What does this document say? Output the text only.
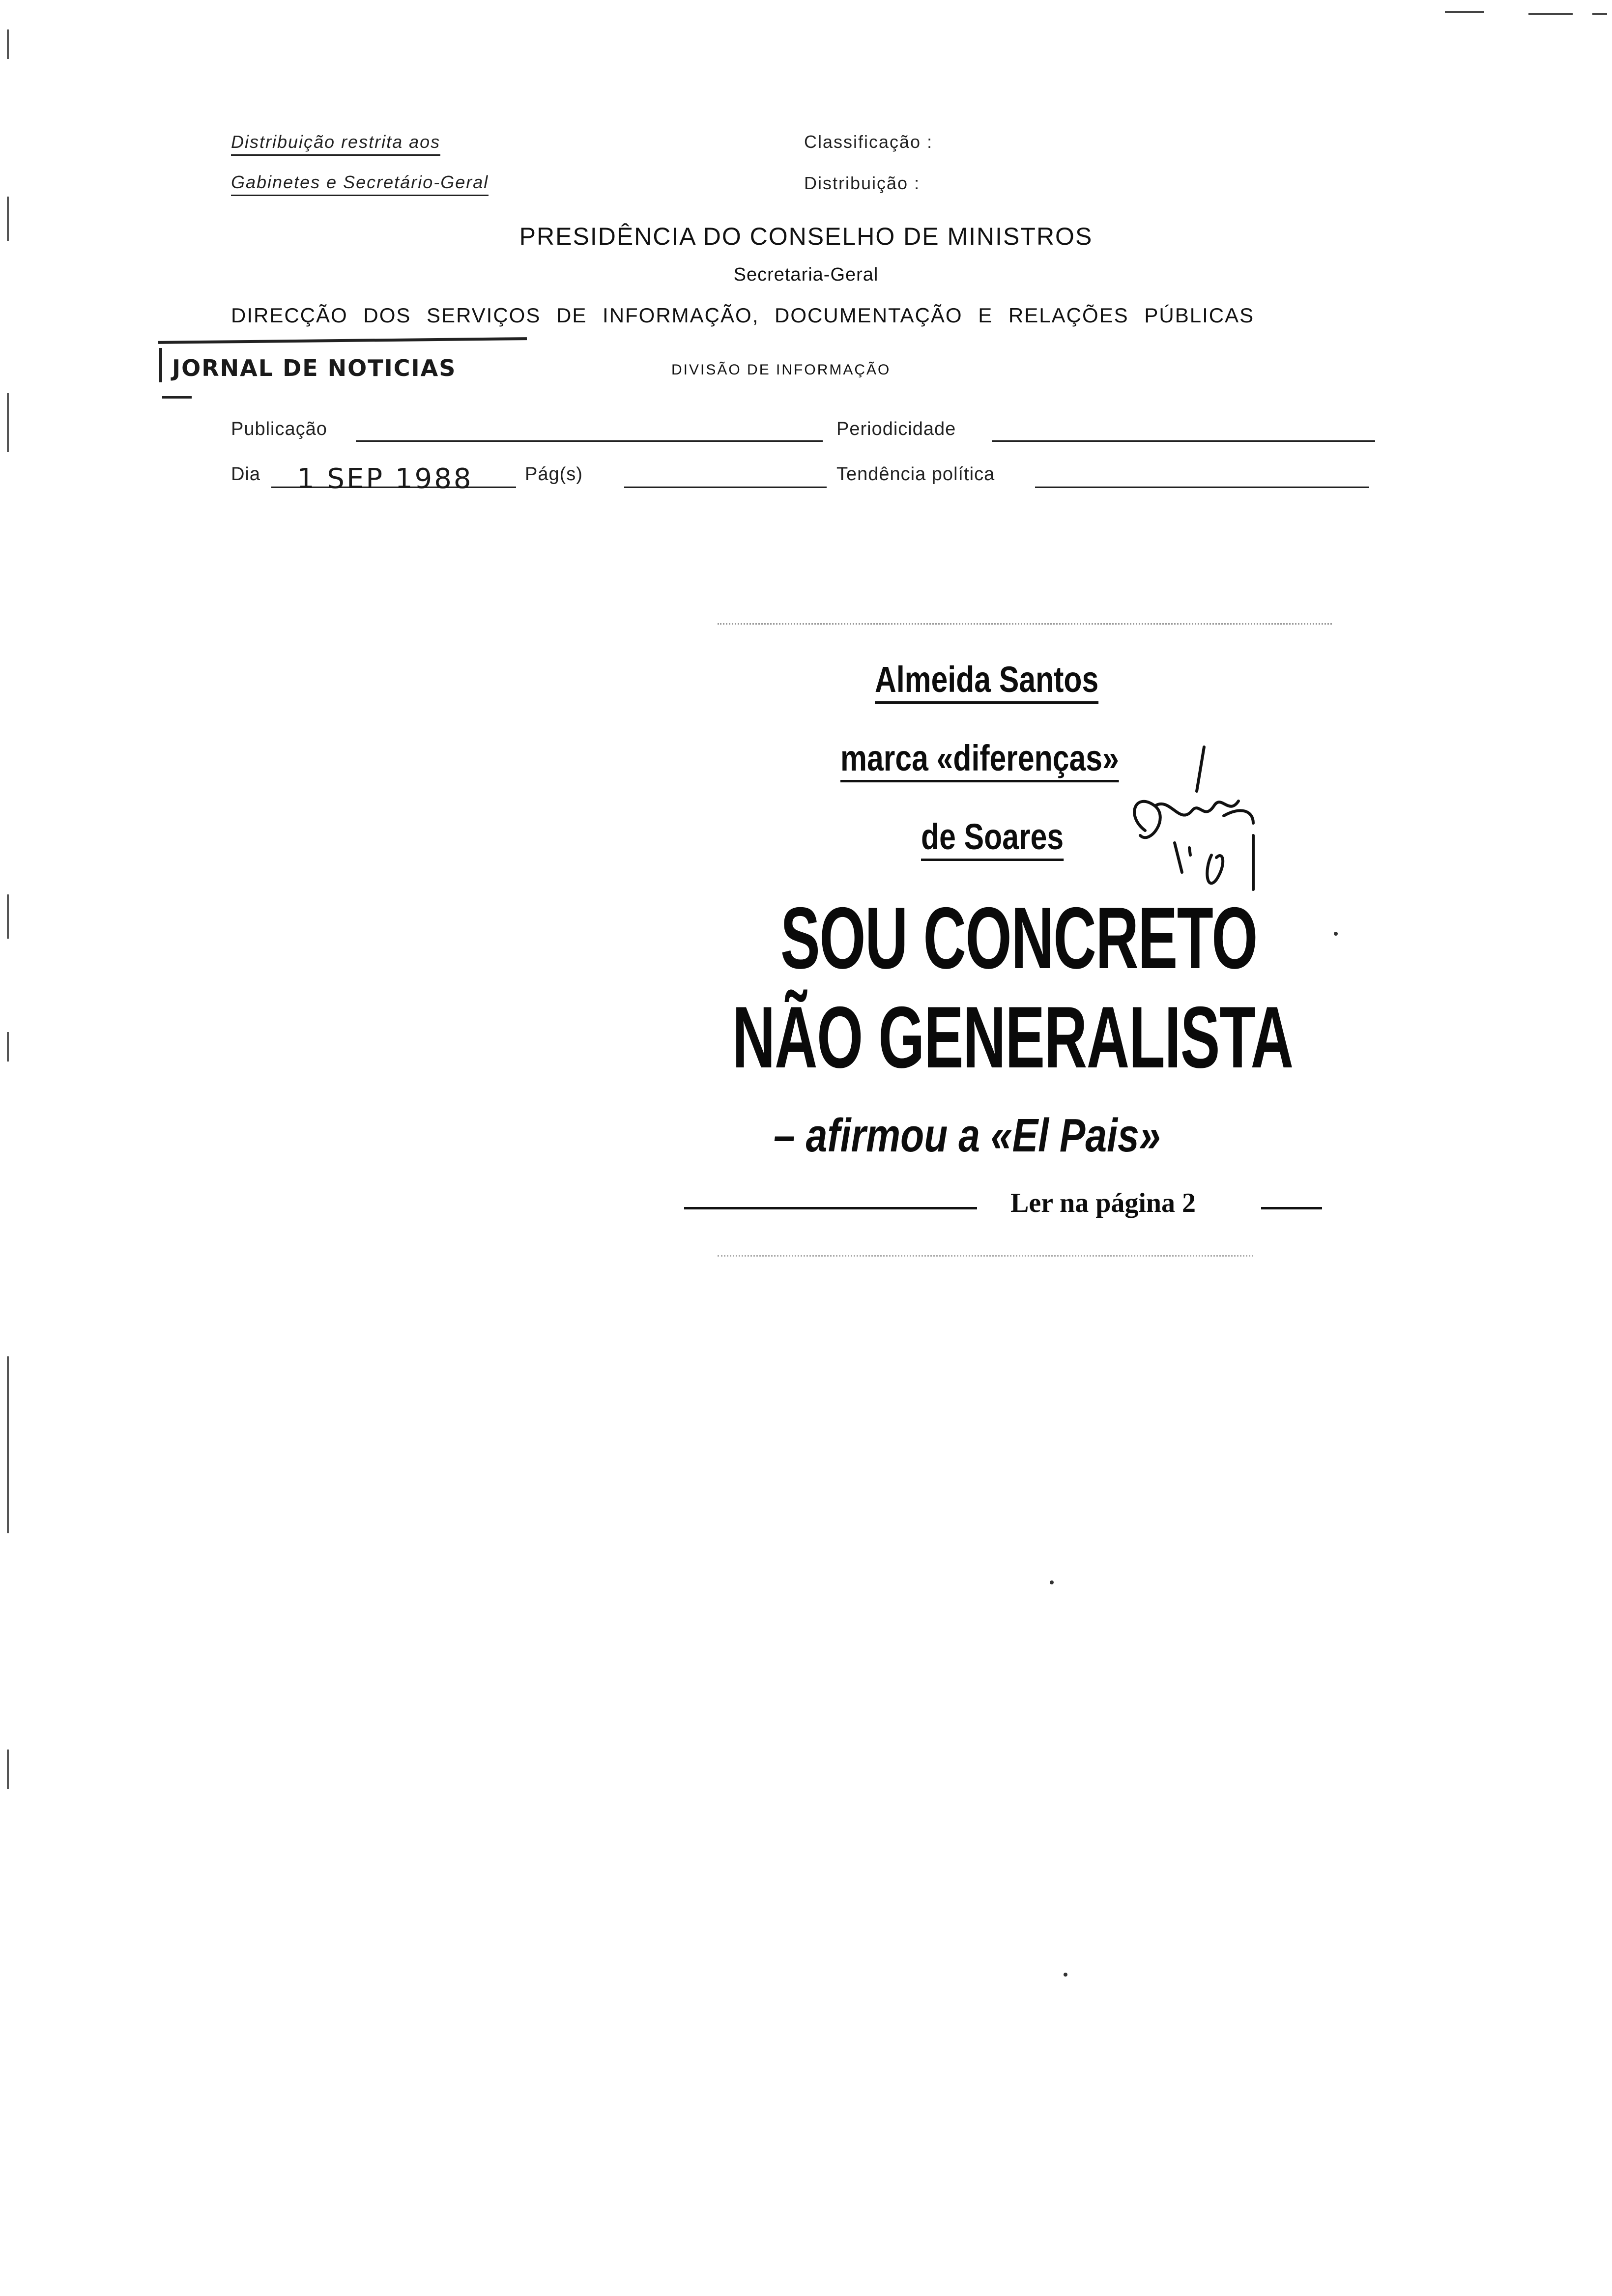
Distribuição restrita aos
Gabinetes e Secretário-Geral
Classificação :
Distribuição :
PRESIDÊNCIA DO CONSELHO DE MINISTROS
Secretaria-Geral
DIRECÇÃO DOS SERVIÇOS DE INFORMAÇÃO, DOCUMENTAÇÃO E RELAÇÕES PÚBLICAS
JORNAL DE NOTICIAS	DIVISÃO DE INFORMAÇÃO
Publicação	Periodicidade
Dia 1 SEP 1988	Pág(s)	Tendência política
Almeida Santos
marca «diferenças»
de Soares
SOU CONCRETO
NÃO GENERALISTA
– afirmou a «El Pais»
Ler na página 2
